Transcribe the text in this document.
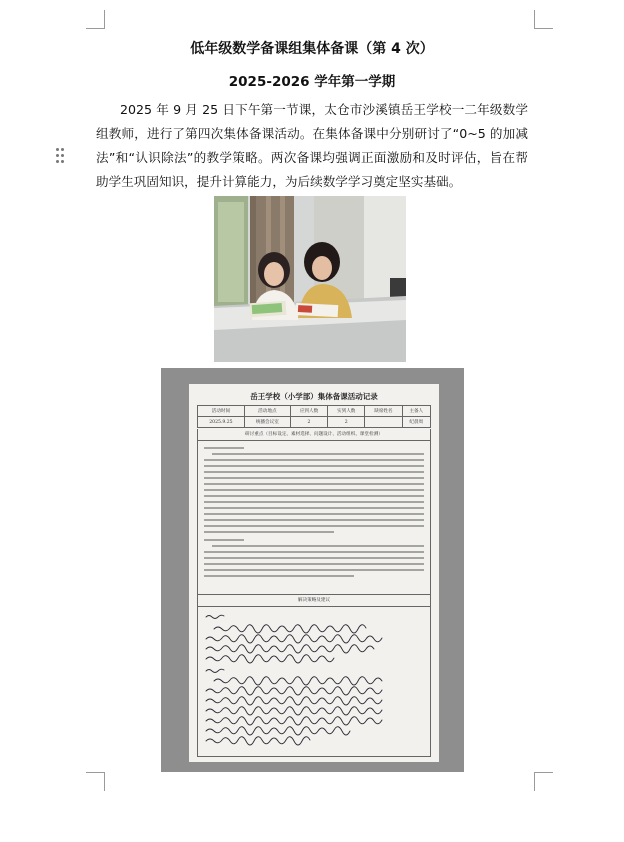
低年级数学备课组集体备课（第 4 次）
2025-2026 学年第一学期

2025 年 9 月 25 日下午第一节课，太仓市沙溪镇岳王学校一二年级数学组教师，进行了第四次集体备课活动。在集体备课中分别研讨了“0~5 的加减法”和“认识除法”的教学策略。两次备课均强调正面激励和及时评估，旨在帮助学生巩固知识，提升计算能力，为后续数学学习奠定坚实基础。

岳王学校（小学部）集体备课活动记录
活动时间	活动地点	应到人数	实到人数	缺席姓名	主备人
2025.9.25	统播会议室	2	2		纪晨周
研讨重点（目标设定、素材选择、问题设计、活动组织、课堂检测）
解决策略及建议
